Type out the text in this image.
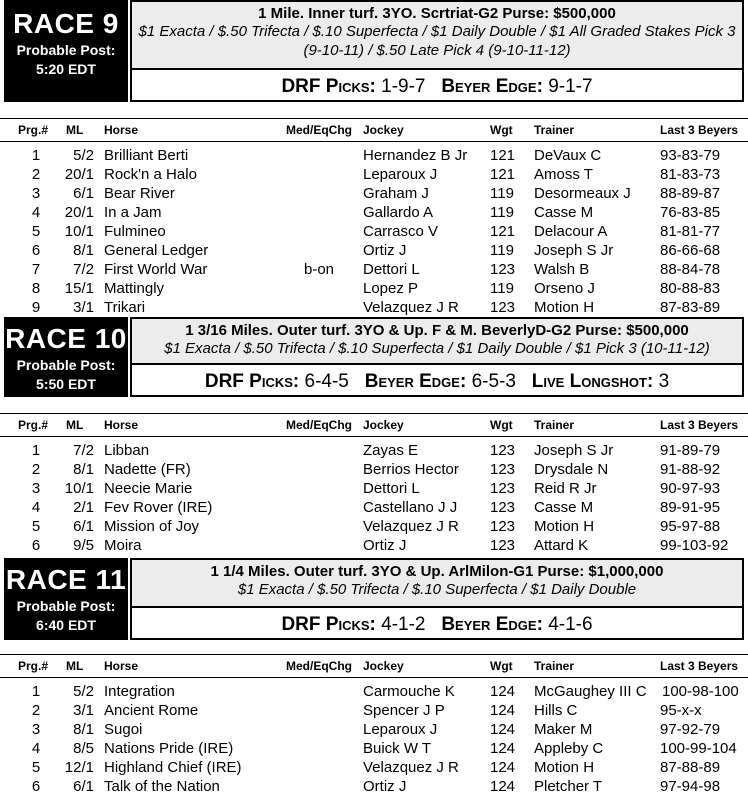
RACE 9
Probable Post:
5:20 EDT
1 Mile. Inner turf. 3YO. Scrtriat-G2 Purse: $500,000
$1 Exacta / $.50 Trifecta / $.10 Superfecta / $1 Daily Double / $1 All Graded Stakes Pick 3 (9-10-11) / $.50 Late Pick 4 (9-10-11-12)
DRF Picks: 1-9-7 Beyer Edge: 9-1-7
Prg.# ML Horse	Med/EqChg Jockey	Wgt Trainer	Last 3 Beyers
1	5/2 Brilliant Berti	Hernandez B Jr 121 DeVaux C	93-83-79
2	20/1 Rock'n a Halo	Leparoux J	121 Amoss T	81-83-73
3	6/1 Bear River	Graham J	119 Desormeaux J 88-89-87
4	20/1 In a Jam	Gallardo A	119 Casse M	76-83-85
5	10/1 Fulmineo	Carrasco V	121 Delacour A	81-81-77
6	8/1 General Ledger	Ortiz J	119 Joseph S Jr	86-66-68
7	7/2 First World War	b-on Dettori L	123 Walsh B	88-84-78
8	15/1 Mattingly	Lopez P	119 Orseno J	80-88-83
9	3/1 Trikari	Velazquez J R 123 Motion H	87-83-89
RACE 10
Probable Post:
5:50 EDT
1 3/16 Miles. Outer turf. 3YO & Up. F & M. BeverlyD-G2 Purse: $500,000
$1 Exacta / $.50 Trifecta / $.10 Superfecta / $1 Daily Double / $1 Pick 3 (10-11-12)
DRF Picks: 6-4-5 Beyer Edge: 6-5-3 Live Longshot: 3
Prg.# ML Horse	Med/EqChg Jockey	Wgt Trainer	Last 3 Beyers
1	7/2 Libban	Zayas E	123 Joseph S Jr	91-89-79
2	8/1 Nadette (FR)	Berrios Hector 123 Drysdale N	91-88-92
3	10/1 Neecie Marie	Dettori L	123 Reid R Jr	90-97-93
4	2/1 Fev Rover (IRE)	Castellano J J 123 Casse M	89-91-95
5	6/1 Mission of Joy	Velazquez J R 123 Motion H	95-97-88
6	9/5 Moira	Ortiz J	123 Attard K	99-103-92
RACE 11
Probable Post:
6:40 EDT
1 1/4 Miles. Outer turf. 3YO & Up. ArlMilon-G1 Purse: $1,000,000
$1 Exacta / $.50 Trifecta / $.10 Superfecta / $1 Daily Double
DRF Picks: 4-1-2 Beyer Edge: 4-1-6
Prg.# ML Horse	Med/EqChg Jockey	Wgt Trainer	Last 3 Beyers
1	5/2 Integration	Carmouche K 124 McGaughey III C 100-98-100
2	3/1 Ancient Rome	Spencer J P	124 Hills C	95-x-x
3	8/1 Sugoi	Leparoux J	124 Maker M	97-92-79
4	8/5 Nations Pride (IRE)	Buick W T	124 Appleby C	100-99-104
5	12/1 Highland Chief (IRE)	Velazquez J R 124 Motion H	87-88-89
6	6/1 Talk of the Nation	Ortiz J	124 Pletcher T	97-94-98
